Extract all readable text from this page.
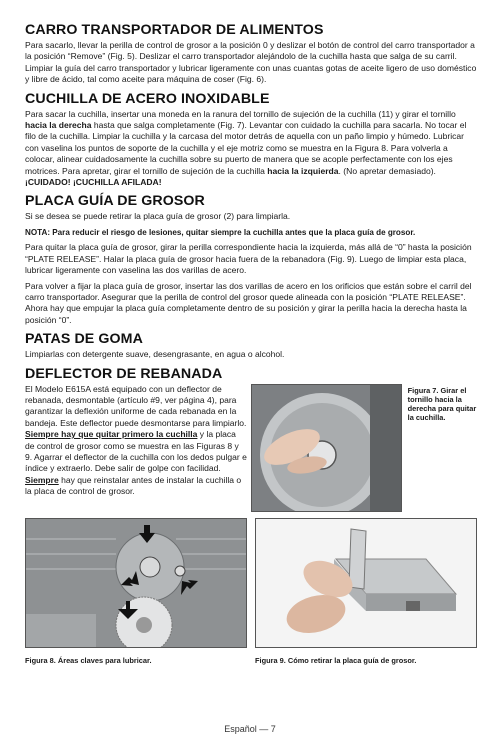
CARRO TRANSPORTADOR DE ALIMENTOS

Para sacarlo, llevar la perilla de control de grosor a la posición 0 y deslizar el botón de control del carro transportador a la posición “Remove” (Fig. 5). Deslizar el carro transportador alejándolo de la cuchilla hasta que salga de su carril. Limpiar la guía del carro transportador y lubricar ligeramente con unas cuantas gotas de aceite ligero de uso doméstico y libre de ácido, tal como aceite para máquina de coser (Fig. 6).

CUCHILLA DE ACERO INOXIDABLE

Para sacar la cuchilla, insertar una moneda en la ranura del tornillo de sujeción de la cuchilla (11) y girar el tornillo hacia la derecha hasta que salga completamente (Fig. 7). Levantar con cuidado la cuchilla para sacarla. No tocar el filo de la cuchilla. Limpiar la cuchilla y la carcasa del motor detrás de aquella con un paño limpio y húmedo. Lubricar con vaselina los puntos de soporte de la cuchilla y el eje motriz como se muestra en la Figura 8. Para volverla a colocar, alinear cuidadosamente la cuchilla sobre su puerto de manera que se acople perfectamente con los ejes motrices. Para apretar, girar el tornillo de sujeción de la cuchilla hacia la izquierda. (No apretar demasiado). ¡CUIDADO! ¡CUCHILLA AFILADA!

PLACA GUÍA DE GROSOR

Si se desea se puede retirar la placa guía de grosor (2) para limpiarla.

NOTA: Para reducir el riesgo de lesiones, quitar siempre la cuchilla antes que la placa guía de grosor.

Para quitar la placa guía de grosor, girar la perilla correspondiente hacia la izquierda, más allá de “0” hasta la posición “PLATE RELEASE”. Halar la placa guía de grosor hacia fuera de la rebanadora (Fig. 9). Luego de limpiar esta placa, lubricar ligeramente con vaselina las dos varillas de acero.

Para volver a fijar la placa guía de grosor, insertar las dos varillas de acero en los orificios que están sobre el carril del carro transportador. Asegurar que la perilla de control del grosor quede alineada con la posición “PLATE RELEASE”. Ahora hay que empujar la placa guía completamente dentro de su posición y girar la perilla hacia la derecha hasta la posición “0”.

PATAS DE GOMA

Limpiarlas con detergente suave, desengrasante, en agua o alcohol.

DEFLECTOR DE REBANADA

El Modelo E615A está equipado con un deflector de rebanada, desmontable (artículo #9, ver página 4), para garantizar la deflexión uniforme de cada rebanada en la bandeja. Este deflector puede desmontarse para limpiarlo. Siempre hay que quitar primero la cuchilla y la placa de control de grosor como se muestra en las Figuras 8 y 9. Agarrar el deflector de la cuchilla con los dedos pulgar e índice y extraerlo. Debe salir de golpe con facilidad. Siempre hay que reinstalar antes de instalar la cuchilla o la placa de control de grosor.

Figura 7. Girar el tornillo hacia la derecha para quitar la cuchilla.
Figura 8. Áreas claves para lubricar.	Figura 9. Cómo retirar la placa guía de grosor.
Español — 7
